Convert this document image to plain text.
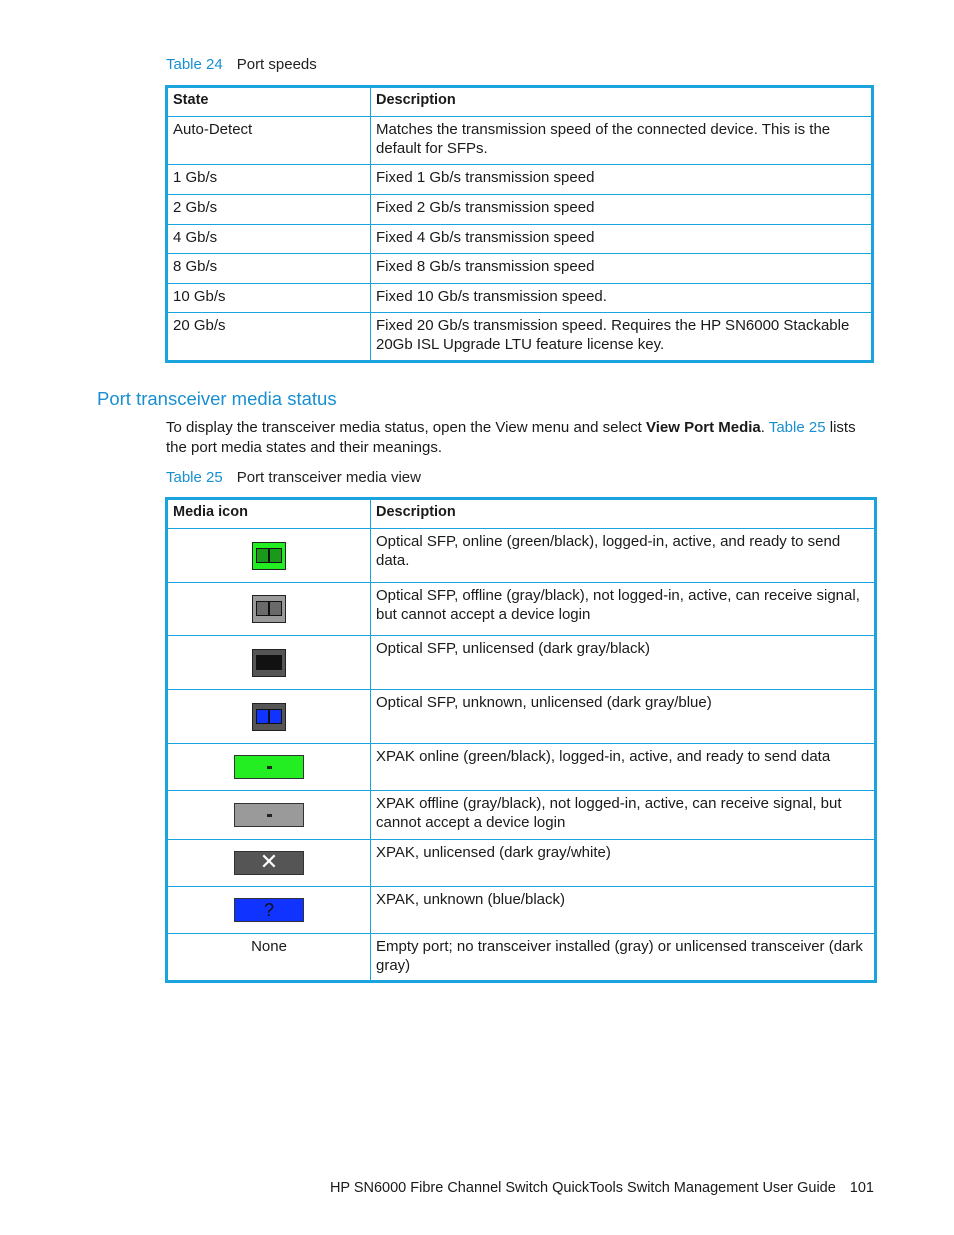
Table 24 Port speeds
State	Description
Auto-Detect	Matches the transmission speed of the connected device. This is the default for SFPs.
1 Gb/s	Fixed 1 Gb/s transmission speed
2 Gb/s	Fixed 2 Gb/s transmission speed
4 Gb/s	Fixed 4 Gb/s transmission speed
8 Gb/s	Fixed 8 Gb/s transmission speed
10 Gb/s	Fixed 10 Gb/s transmission speed.
20 Gb/s	Fixed 20 Gb/s transmission speed. Requires the HP SN6000 Stackable 20Gb ISL Upgrade LTU feature license key.
Port transceiver media status
To display the transceiver media status, open the View menu and select View Port Media. Table 25 lists the port media states and their meanings.
Table 25 Port transceiver media view
Media icon	Description

	Optical SFP, online (green/black), logged-in, active, and ready to send data.

	Optical SFP, offline (gray/black), not logged-in, active, can receive signal, but cannot accept a device login

	Optical SFP, unlicensed (dark gray/black)

	Optical SFP, unknown, unlicensed (dark gray/blue)

	XPAK online (green/black), logged-in, active, and ready to send data

	XPAK offline (gray/black), not logged-in, active, can receive signal, but cannot accept a device login
✕	XPAK, unlicensed (dark gray/white)
?	XPAK, unknown (blue/black)
None	Empty port; no transceiver installed (gray) or unlicensed transceiver (dark gray)
HP SN6000 Fibre Channel Switch QuickTools Switch Management User Guide 101
